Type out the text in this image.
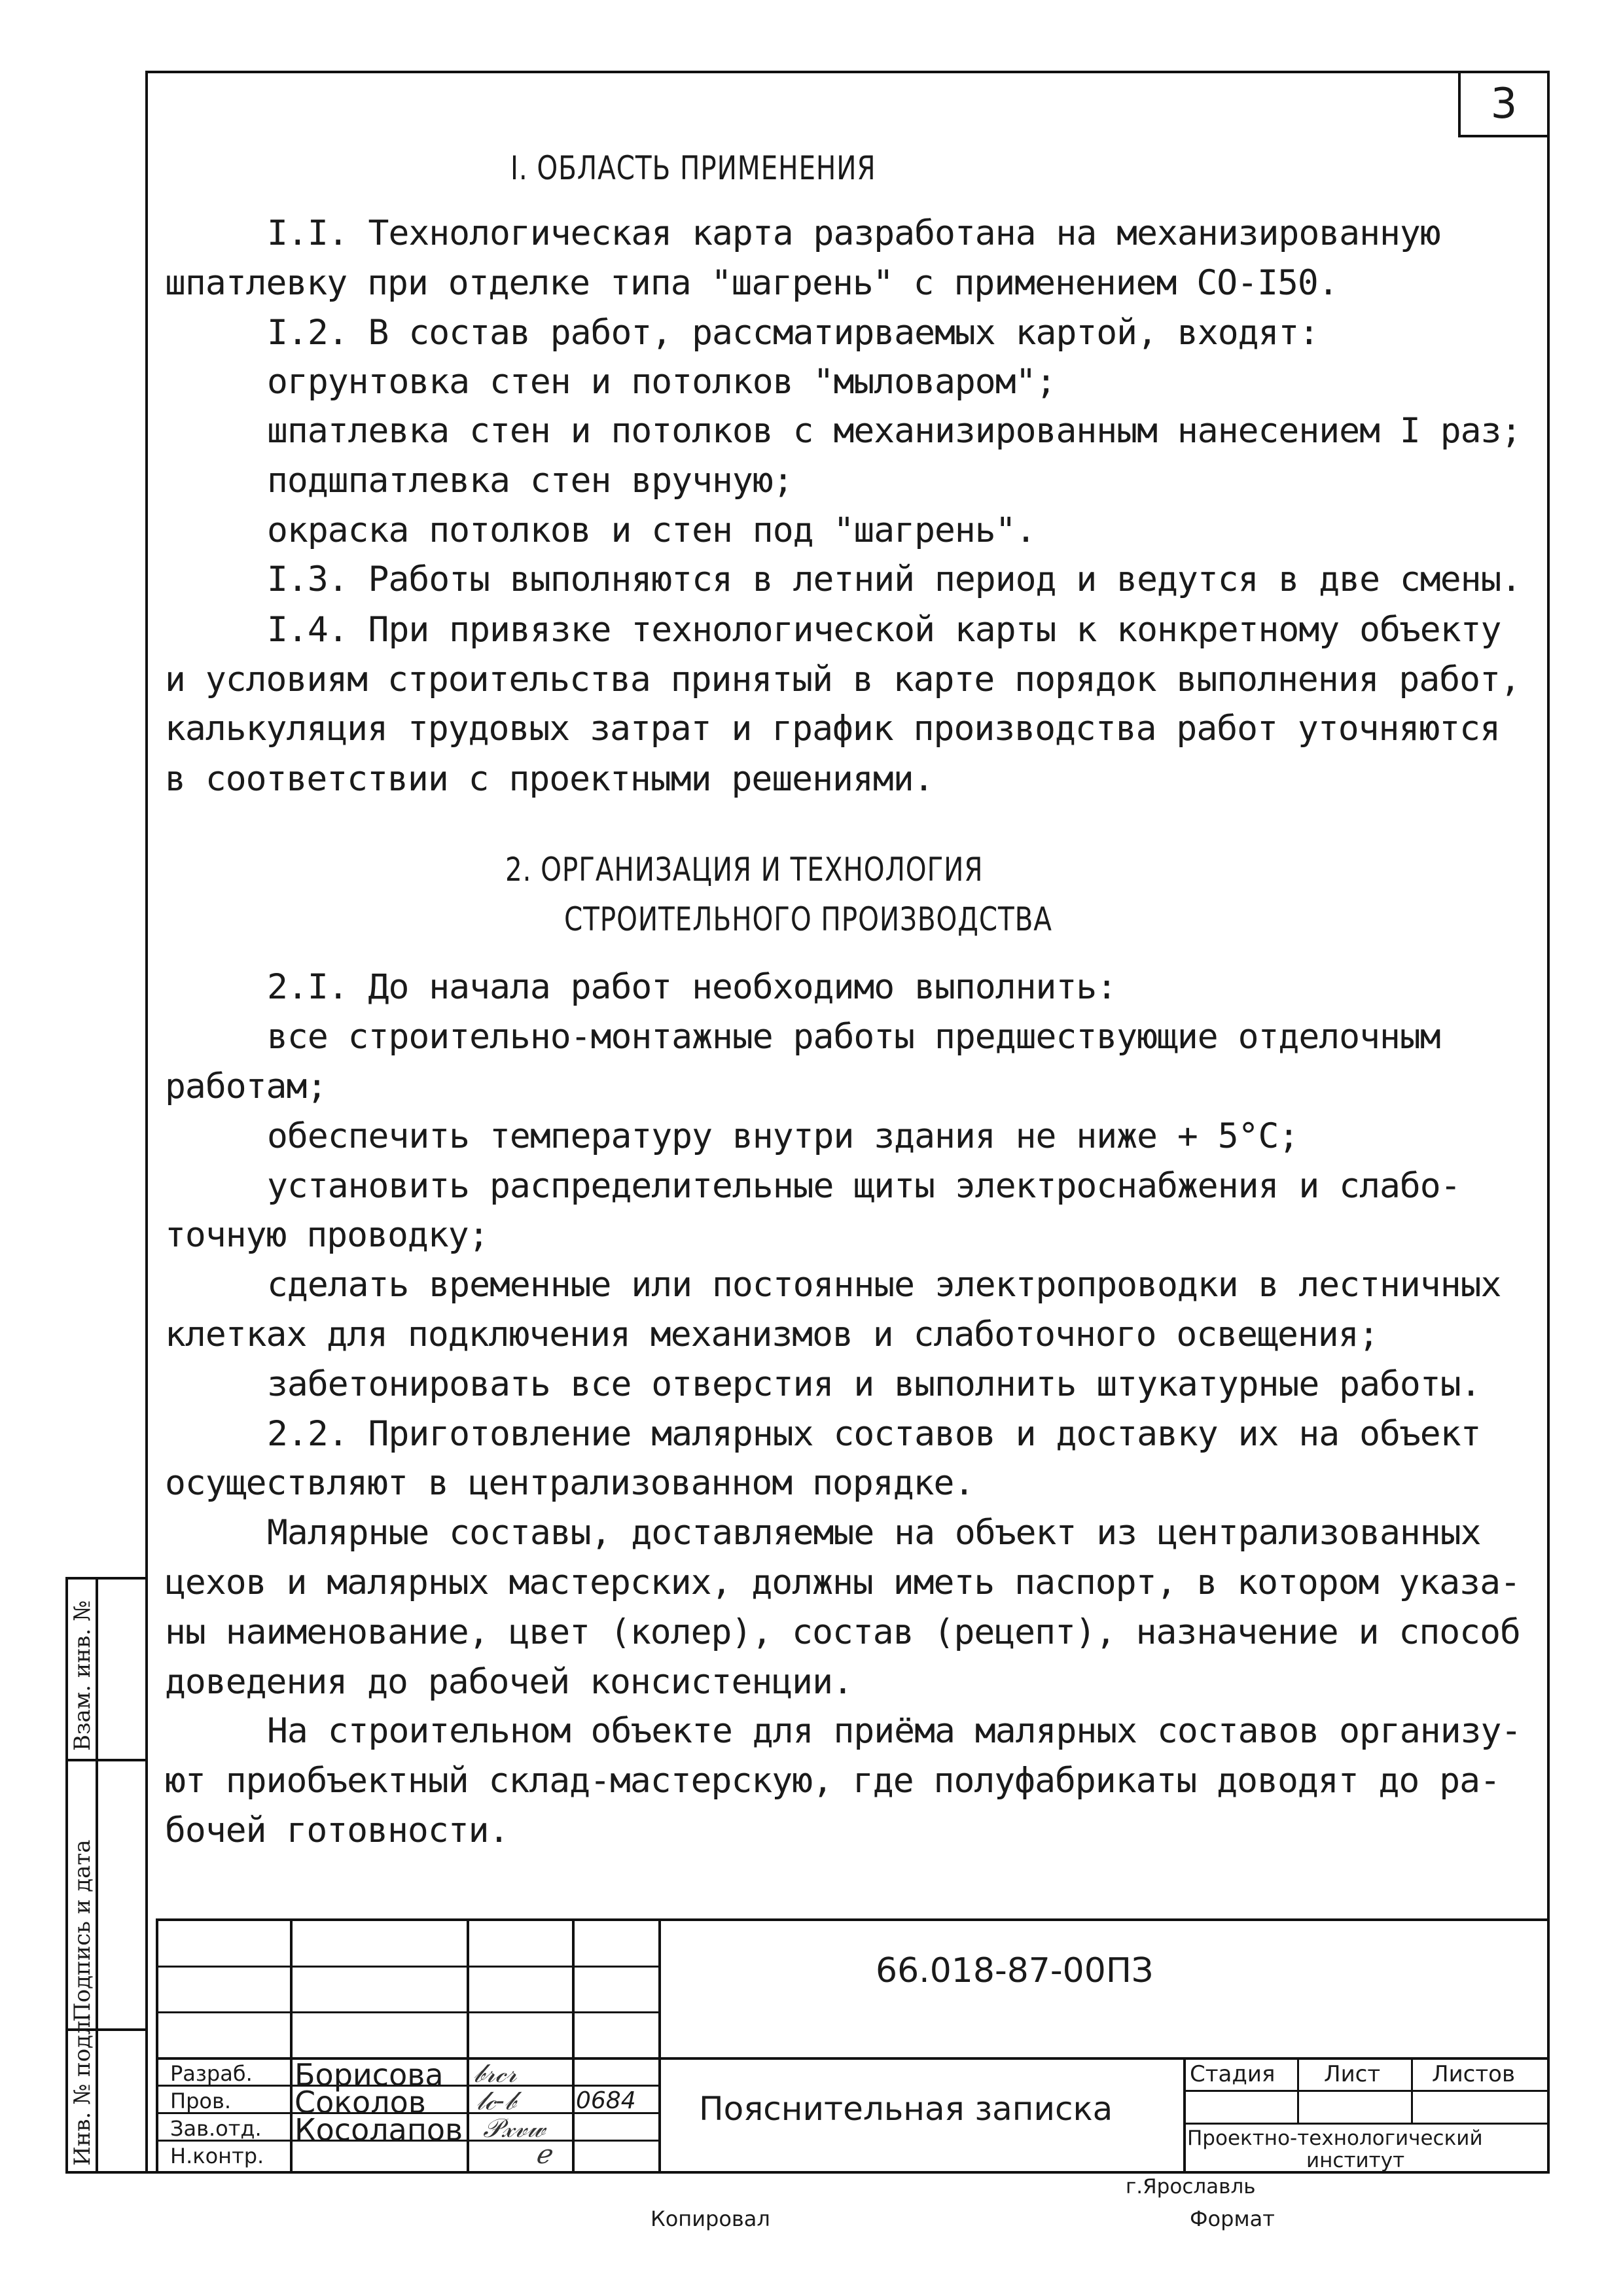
3
I. ОБЛАСТЬ ПРИМЕНЕНИЯ
I.I. Технологическая карта разработана на механизированную
шпатлевку при отделке типа "шагрень" с применением СО-I50.
I.2. В состав работ, рассматирваемых картой, входят:
огрунтовка стен и потолков "мыловаром";
шпатлевка стен и потолков с механизированным нанесением I раз;
подшпатлевка стен вручную;
окраска потолков и стен под "шагрень".
I.3. Работы выполняются в летний период и ведутся в две смены.
I.4. При привязке технологической карты к конкретному объекту
и условиям строительства принятый в карте порядок выполнения работ,
калькуляция трудовых затрат и график производства работ уточняются
в соответствии с проектными решениями.
2. ОРГАНИЗАЦИЯ И ТЕХНОЛОГИЯ
СТРОИТЕЛЬНОГО ПРОИЗВОДСТВА
2.I. До начала работ необходимо выполнить:
все строительно-монтажные работы предшествующие отделочным
работам;
обеспечить температуру внутри здания не ниже + 5°С;
установить распределительные щиты электроснабжения и слабо-
точную проводку;
сделать временные или постоянные электропроводки в лестничных
клетках для подключения механизмов и слаботочного освещения;
забетонировать все отверстия и выполнить штукатурные работы.
2.2. Приготовление малярных составов и доставку их на объект
осуществляют в централизованном порядке.
Малярные составы, доставляемые на объект из централизованных
цехов и малярных мастерских, должны иметь паспорт, в котором указа-
ны наименование, цвет (колер), состав (рецепт), назначение и способ
доведения до рабочей консистенции.
На строительном объекте для приёма малярных составов организу-
ют приобъектный склад-мастерскую, где полуфабрикаты доводят до ра-
бочей готовности.
Взам. инв. №
Подпись и дата
Инв. № подл.
66.018-87-00ПЗ
Пояснительная записка
Разраб.
Пров.
Зав.отд.
Н.контр.
Борисова
Соколов
Косолапов
0684
𝒷𝓇𝒸𝓇
𝓁𝒸-𝒷
𝒫𝓍𝓋𝓌
ℯ
Стадия Лист Листов
Проектно-технологический
институт
г.Ярославль
Копировал	Формат
